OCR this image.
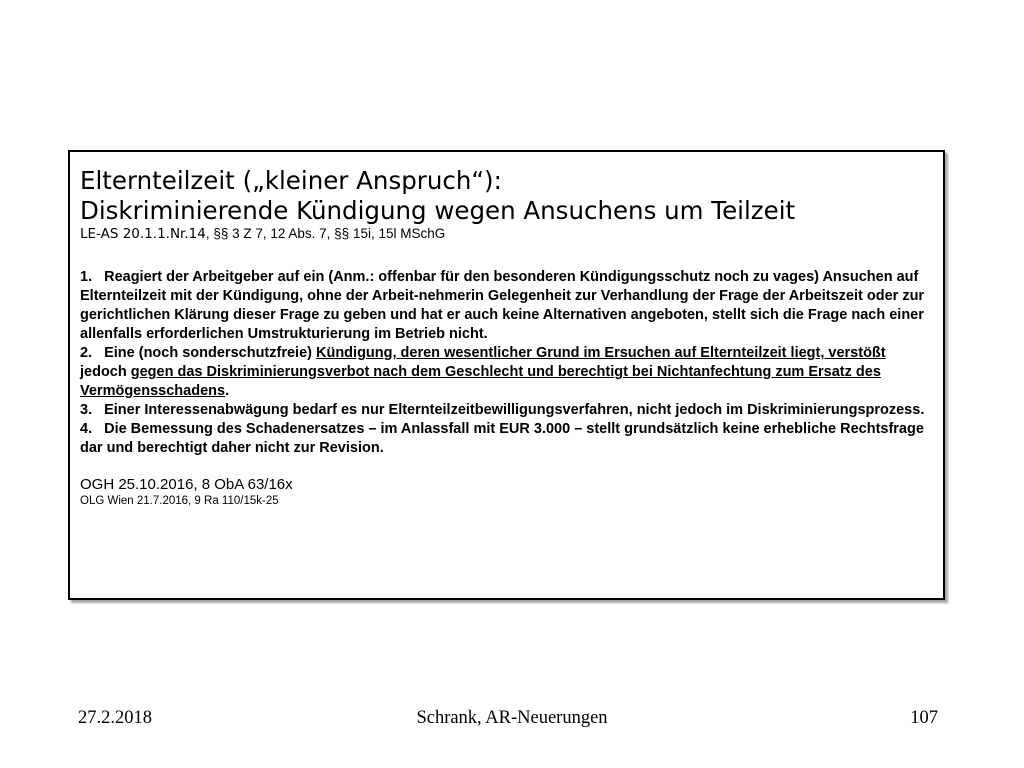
Elternteilzeit („kleiner Anspruch“):

Diskriminierende Kündigung wegen Ansuchens um Teilzeit

LE-AS 20.1.1.Nr.14, §§ 3 Z 7, 12 Abs. 7, §§ 15i, 15l MSchG

1. Reagiert der Arbeitgeber auf ein (Anm.: offenbar für den besonderen Kündigungsschutz noch zu vages) Ansuchen auf Elternteilzeit mit der Kündigung, ohne der Arbeit-nehmerin Gelegenheit zur Verhandlung der Frage der Arbeitszeit oder zur gerichtlichen Klärung dieser Frage zu geben und hat er auch keine Alternativen angeboten, stellt sich die Frage nach einer allenfalls erforderlichen Umstrukturierung im Betrieb nicht.

2. Eine (noch sonderschutzfreie) Kündigung, deren wesentlicher Grund im Ersuchen auf Elternteilzeit liegt, verstößt jedoch gegen das Diskriminierungsverbot nach dem Geschlecht und berechtigt bei Nichtanfechtung zum Ersatz des Vermögensschadens.

3. Einer Interessenabwägung bedarf es nur Elternteilzeitbewilligungsverfahren, nicht jedoch im Diskriminierungsprozess.

4. Die Bemessung des Schadenersatzes – im Anlassfall mit EUR 3.000 – stellt grundsätzlich keine erhebliche Rechtsfrage dar und berechtigt daher nicht zur Revision.

OGH 25.10.2016, 8 ObA 63/16x
OLG Wien 21.7.2016, 9 Ra 110/15k-25
27.2.2018	Schrank, AR-Neuerungen	107
